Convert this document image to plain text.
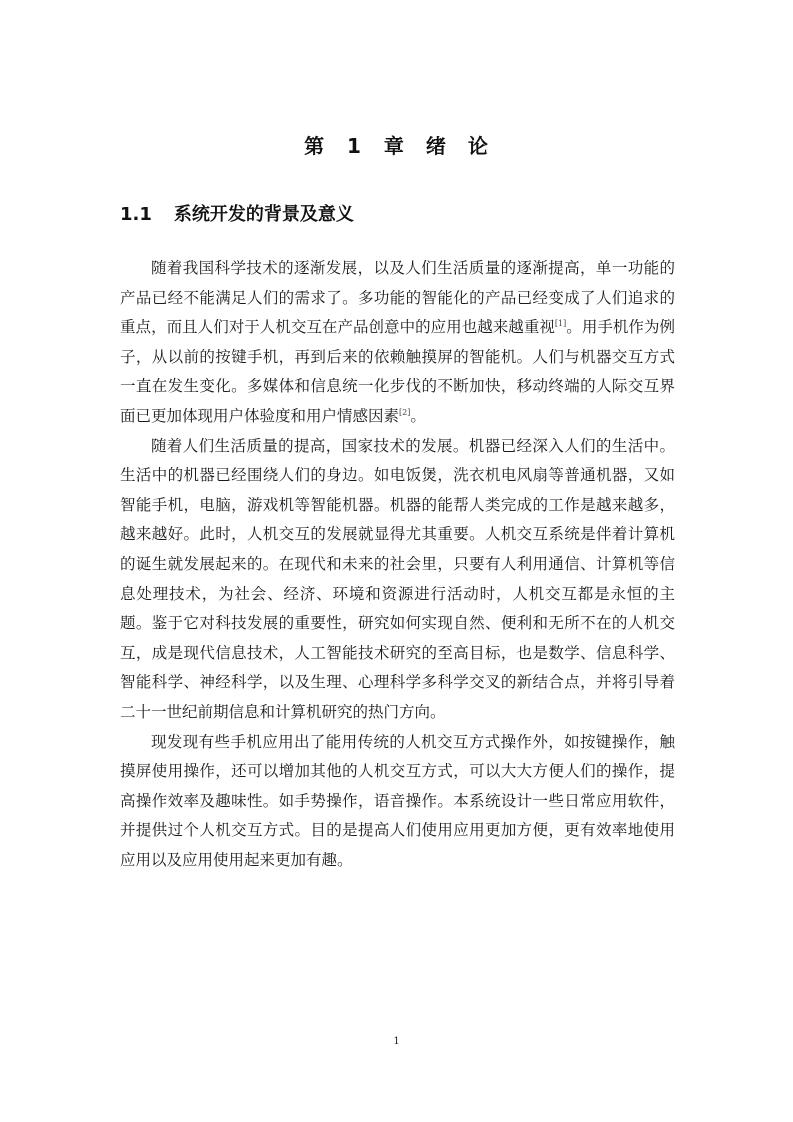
第 1 章　绪　论
1.1 系统开发的背景及意义

随着我国科学技术的逐渐发展，以及人们生活质量的逐渐提高，单一功能的产品已经不能满足人们的需求了。多功能的智能化的产品已经变成了人们追求的重点，而且人们对于人机交互在产品创意中的应用也越来越重视[1]。用手机作为例子，从以前的按键手机，再到后来的依赖触摸屏的智能机。人们与机器交互方式一直在发生变化。多媒体和信息统一化步伐的不断加快，移动终端的人际交互界面已更加体现用户体验度和用户情感因素[2]。

随着人们生活质量的提高，国家技术的发展。机器已经深入人们的生活中。生活中的机器已经围绕人们的身边。如电饭煲，洗衣机电风扇等普通机器，又如智能手机，电脑，游戏机等智能机器。机器的能帮人类完成的工作是越来越多，越来越好。此时，人机交互的发展就显得尤其重要。人机交互系统是伴着计算机的诞生就发展起来的。在现代和未来的社会里，只要有人利用通信、计算机等信息处理技术，为社会、经济、环境和资源进行活动时，人机交互都是永恒的主题。鉴于它对科技发展的重要性，研究如何实现自然、便利和无所不在的人机交互，成是现代信息技术，人工智能技术研究的至高目标，也是数学、信息科学、智能科学、神经科学，以及生理、心理科学多科学交叉的新结合点，并将引导着二十一世纪前期信息和计算机研究的热门方向。

现发现有些手机应用出了能用传统的人机交互方式操作外，如按键操作，触摸屏使用操作，还可以增加其他的人机交互方式，可以大大方便人们的操作，提高操作效率及趣味性。如手势操作，语音操作。本系统设计一些日常应用软件，并提供过个人机交互方式。目的是提高人们使用应用更加方便，更有效率地使用应用以及应用使用起来更加有趣。

1
